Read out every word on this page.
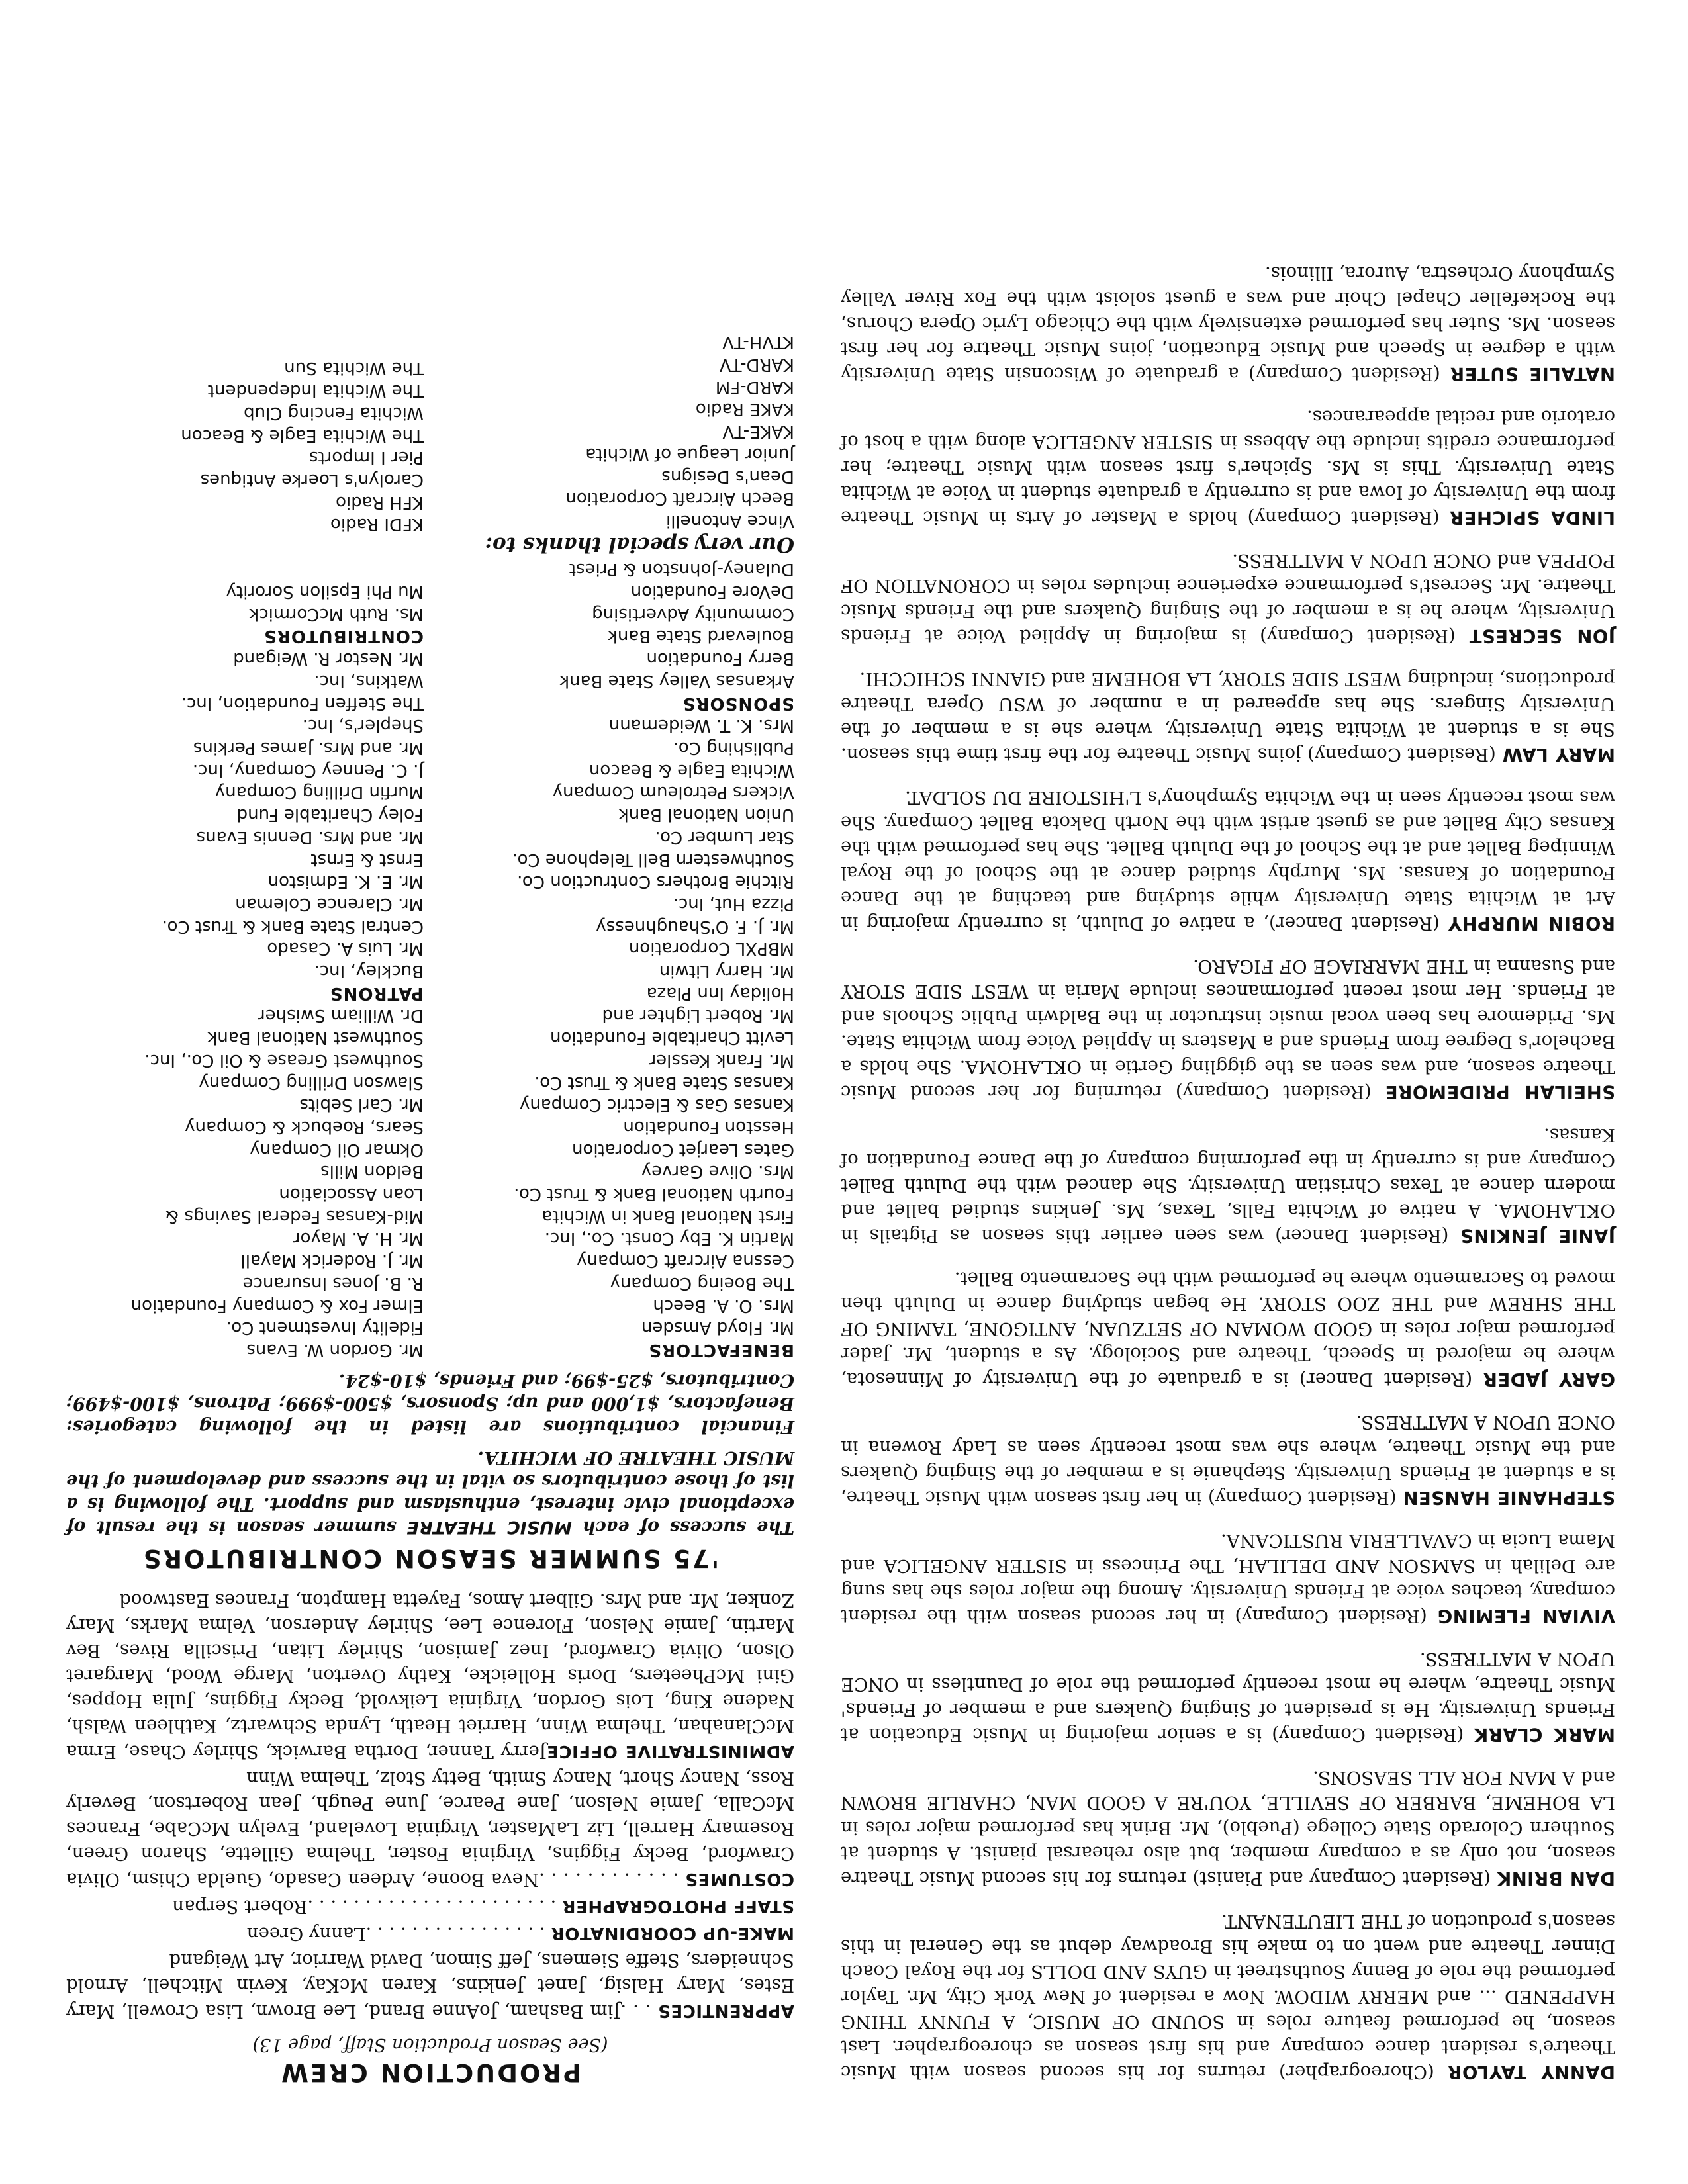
DANNY TAYLOR (Choreographer) returns for his second season with Music Theatre's resident dance company and his first season as choreographer. Last season, he performed feature roles in SOUND OF MUSIC, A FUNNY THING HAPPENED ... and MERRY WIDOW. Now a resident of New York City, Mr. Taylor performed the role of Benny Southstreet in GUYS AND DOLLS for the Royal Coach Dinner Theatre and went on to make his Broadway debut as the General in this season's production of THE LIEUTENANT.

DAN BRINK (Resident Company and Pianist) returns for his second Music Theatre season, not only as a company member, but also rehearsal pianist. A student at Southern Colorado State College (Pueblo), Mr. Brink has performed major roles in LA BOHEME, BARBER OF SEVILLE, YOU'RE A GOOD MAN, CHARLIE BROWN and A MAN FOR ALL SEASONS.

MARK CLARK (Resident Company) is a senior majoring in Music Education at Friends University. He is president of Singing Quakers and a member of Friends' Music Theatre, where he most recently performed the role of Dauntless in ONCE UPON A MATTRESS.

VIVIAN FLEMING (Resident Company) in her second season with the resident company, teaches voice at Friends University. Among the major roles she has sung are Delilah in SAMSON AND DELILAH, The Princess in SISTER ANGELICA and Mama Lucia in CAVALLERIA RUSTICANA.

STEPHANIE HANSEN (Resident Company) in her first season with Music Theatre, is a student at Friends University. Stephanie is a member of the Singing Quakers and the Music Theatre, where she was most recently seen as Lady Rowena in ONCE UPON A MATTRESS.

GARY JADER (Resident Dancer) is a graduate of the University of Minnesota, where he majored in Speech, Theatre and Sociology. As a student, Mr. Jader performed major roles in GOOD WOMAN OF SETZUAN, ANTIGONE, TAMING OF THE SHREW and THE ZOO STORY. He began studying dance in Duluth then moved to Sacramento where he performed with the Sacramento Ballet.

JANIE JENKINS (Resident Dancer) was seen earlier this season as Pigtails in OKLAHOMA. A native of Wichita Falls, Texas, Ms. Jenkins studied ballet and modern dance at Texas Christian University. She danced with the Duluth Ballet Company and is currently in the performing company of the Dance Foundation of Kansas.

SHEILAH PRIDEMORE (Resident Company) returning for her second Music Theatre season, and was seen as the giggling Gertie in OKLAHOMA. She holds a Bachelor's Degree from Friends and a Masters in Applied Voice from Wichita State. Ms. Pridemore has been vocal music instructor in the Baldwin Public Schools and at Friends. Her most recent performances include Maria in WEST SIDE STORY and Susanna in THE MARRIAGE OF FIGARO.

ROBIN MURPHY (Resident Dancer), a native of Duluth, is currently majoring in Art at Wichita State University while studying and teaching at the Dance Foundation of Kansas. Ms. Murphy studied dance at the School of the Royal Winnipeg Ballet and at the School of the Duluth Ballet. She has performed with the Kansas City Ballet and as guest artist with the North Dakota Ballet Company. She was most recently seen in the Wichita Symphony's L'HISTOIRE DU SOLDAT.

MARY LAW (Resident Company) joins Music Theatre for the first time this season. She is a student at Wichita State University, where she is a member of the University Singers. She has appeared in a number of WSU Opera Theatre productions, including WEST SIDE STORY, LA BOHEME and GIANNI SCHICCHI.

JON SECREST (Resident Company) is majoring in Applied Voice at Friends University, where he is a member of the Singing Quakers and the Friends Music Theatre. Mr. Secrest's performance experience includes roles in CORONATION OF POPPEA and ONCE UPON A MATTRESS.

LINDA SPICHER (Resident Company) holds a Master of Arts in Music Theatre from the University of Iowa and is currently a graduate student in Voice at Wichita State University. This is Ms. Spicher's first season with Music Theatre; her performance credits include the Abbess in SISTER ANGELICA along with a host of oratorio and recital appearances.

NATALIE SUTER (Resident Company) a graduate of Wisconsin State University with a degree in Speech and Music Education, joins Music Theatre for her first season. Ms. Suter has performed extensively with the Chicago Lyric Opera Chorus, the Rockefeller Chapel Choir and was a guest soloist with the Fox River Valley Symphony Orchestra, Aurora, Illinois.

PRODUCTION CREW
(See Season Production Staff, page 13)
APPRENTICES . . .Jim Basham, JoAnne Brand, Lee Brown, Lisa Crowell, Mary Estes, Mary Halsig, Janet Jenkins, Karen McKay, Kevin Mitchell, Arnold Schneiders, Steffe Siemens, Jeff Simon, David Warrior, Art Weigand
MAKE-UP COORDINATOR . . . . . . . . . . . . . . . .Lanny Green
STAFF PHOTOGRAPHER . . . . . . . . . . . . . . . . . . . . . .Robert Serpan
COSTUMES . . . . . . . . . . . .Neva Boone, Ardeen Casado, Guelda Chism, Olivia Crawford, Becky Figgins, Virginia Foster, Thelma Gillette, Sharon Green, Rosemary Harrell, Liz LaMaster, Virginia Loveland, Evelyn McCabe, Frances McCalla, Jamie Nelson, Jane Pearce, June Peugh, Jean Robertson, Beverly Ross, Nancy Short, Nancy Smith, Betty Stolz, Thelma Winn
ADMINISTRATIVE OFFICEJerry Tanner, Dortha Barwick, Shirley Chase, Erma McClanahan, Thelma Winn, Harriet Heath, Lynda Schwartz, Kathleen Walsh, Nadene King, Lois Gordon, Virginia Leikvold, Becky Figgins, Julia Hoppes, Gini McPheeters, Doris Holleicke, Kathy Overton, Marge Wood, Margaret Olson, Olivia Crawford, Inez Jamison, Shirley Litan, Priscilla Rives, Bev Martin, Jamie Nelson, Florence Lee, Shirley Anderson, Velma Marks, Mary Zonker, Mr. and Mrs. Gilbert Amos, Fayetta Hampton, Frances Eastwood
'75 SUMMER SEASON CONTRIBUTORS
The success of each MUSIC THEATRE summer season is the result of exceptional civic interest, enthusiasm and support. The following is a list of those contributors so vital in the success and development of the MUSIC THEATRE OF WICHITA.
Financial contributions are listed in the following categories: Benefactors, $1,000 and up; Sponsors, $500-$999; Patrons, $100-$499; Contributors, $25-$99; and Friends, $10-$24.
BENEFACTORS
Mr. Floyd Amsden
Mrs. O. A. Beech
The Boeing Company
Cessna Aircraft Company
Martin K. Eby Const. Co., Inc.
First National Bank in Wichita
Fourth National Bank & Trust Co.
Mrs. Olive Garvey
Gates Learjet Corporation
Hesston Foundation
Kansas Gas & Electric Company
Kansas State Bank & Trust Co.
Mr. Frank Kessler
Levitt Charitable Foundation
Mr. Robert Lighter and
Holiday Inn Plaza
Mr. Harry Litwin
MBPXL Corporation
Mr. J. F. O'Shaughnessy
Pizza Hut, Inc.
Ritchie Brothers Contruction Co.
Southwestern Bell Telephone Co.
Star Lumber Co.
Union National Bank
Vickers Petroleum Company
Wichita Eagle & Beacon
Publishing Co.
Mrs. K. T. Weidemann
SPONSORS
Arkansas Valley State Bank
Berry Foundation
Boulevard State Bank
Community Advertising
DeVore Foundation
Dulaney-Johnston & Priest
Our very special thanks to:
Vince Antonelli
Beech Aircraft Corporation
Dean's Designs
Junior League of Wichita
KAKE-TV
KAKE Radio
KARD-FM
KARD-TV
KTVH-TV
Mr. Gordon W. Evans
Fidelity Investment Co.
Elmer Fox & Company Foundation
R. B. Jones Insurance
Mr. J. Roderick Mayall
Mr. H. A. Mayor
Mid-Kansas Federal Savings &
Loan Association
Beldon Mills
Okmar Oil Company
Sears, Roebuck & Company
Mr. Carl Sebits
Slawson Drilling Company
Southwest Grease & Oil Co., Inc.
Southwest National Bank
Dr. William Swisher
PATRONS
Buckley, Inc.
Mr. Luis A. Casado
Central State Bank & Trust Co.
Mr. Clarence Coleman
Mr. E. K. Edmiston
Ernst & Ernst
Mr. and Mrs. Dennis Evans
Foley Charitable Fund
Murfin Drilling Company
J. C. Penney Company, Inc.
Mr. and Mrs. James Perkins
Shepler's, Inc.
The Steffen Foundation, Inc.
Watkins, Inc.
Mr. Nestor R. Weigand
CONTRIBUTORS
Ms. Ruth McCormick
Mu Phi Epsilon Sorority
KFDI Radio
KFH Radio
Carolyn's Loerke Antiques
Pier I Imports
The Wichita Eagle & Beacon
Wichita Fencing Club
The Wichita Independent
The Wichita Sun
